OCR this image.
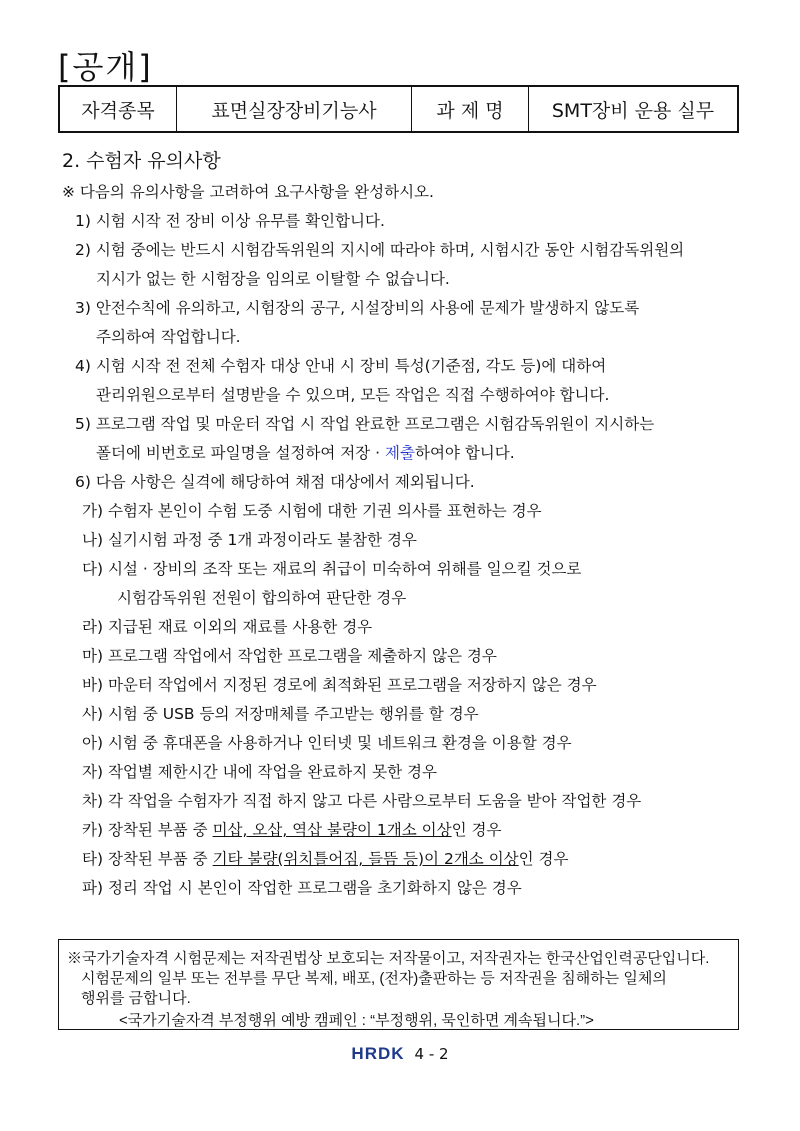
[공개]
자격종목	표면실장장비기능사	과 제 명	SMT장비 운용 실무
2. 수험자 유의사항
※ 다음의 유의사항을 고려하여 요구사항을 완성하시오.
1) 시험 시작 전 장비 이상 유무를 확인합니다.
2) 시험 중에는 반드시 시험감독위원의 지시에 따라야 하며, 시험시간 동안 시험감독위원의
지시가 없는 한 시험장을 임의로 이탈할 수 없습니다.
3) 안전수칙에 유의하고, 시험장의 공구, 시설장비의 사용에 문제가 발생하지 않도록
주의하여 작업합니다.
4) 시험 시작 전 전체 수험자 대상 안내 시 장비 특성(기준점, 각도 등)에 대하여
관리위원으로부터 설명받을 수 있으며, 모든 작업은 직접 수행하여야 합니다.
5) 프로그램 작업 및 마운터 작업 시 작업 완료한 프로그램은 시험감독위원이 지시하는
폴더에 비번호로 파일명을 설정하여 저장 · 제출하여야 합니다.
6) 다음 사항은 실격에 해당하여 채점 대상에서 제외됩니다.
가) 수험자 본인이 수험 도중 시험에 대한 기권 의사를 표현하는 경우
나) 실기시험 과정 중 1개 과정이라도 불참한 경우
다) 시설 · 장비의 조작 또는 재료의 취급이 미숙하여 위해를 일으킬 것으로
시험감독위원 전원이 합의하여 판단한 경우
라) 지급된 재료 이외의 재료를 사용한 경우
마) 프로그램 작업에서 작업한 프로그램을 제출하지 않은 경우
바) 마운터 작업에서 지정된 경로에 최적화된 프로그램을 저장하지 않은 경우
사) 시험 중 USB 등의 저장매체를 주고받는 행위를 할 경우
아) 시험 중 휴대폰을 사용하거나 인터넷 및 네트워크 환경을 이용할 경우
자) 작업별 제한시간 내에 작업을 완료하지 못한 경우
차) 각 작업을 수험자가 직접 하지 않고 다른 사람으로부터 도움을 받아 작업한 경우
카) 장착된 부품 중 미삽, 오삽, 역삽 불량이 1개소 이상인 경우
타) 장착된 부품 중 기타 불량(위치틀어짐, 들뜸 등)이 2개소 이상인 경우
파) 정리 작업 시 본인이 작업한 프로그램을 초기화하지 않은 경우
※국가기술자격 시험문제는 저작권법상 보호되는 저작물이고, 저작권자는 한국산업인력공단입니다.
시험문제의 일부 또는 전부를 무단 복제, 배포, (전자)출판하는 등 저작권을 침해하는 일체의
행위를 금합니다.
<국가기술자격 부정행위 예방 캠페인 : “부정행위, 묵인하면 계속됩니다.”>
HRDK 4 - 2
